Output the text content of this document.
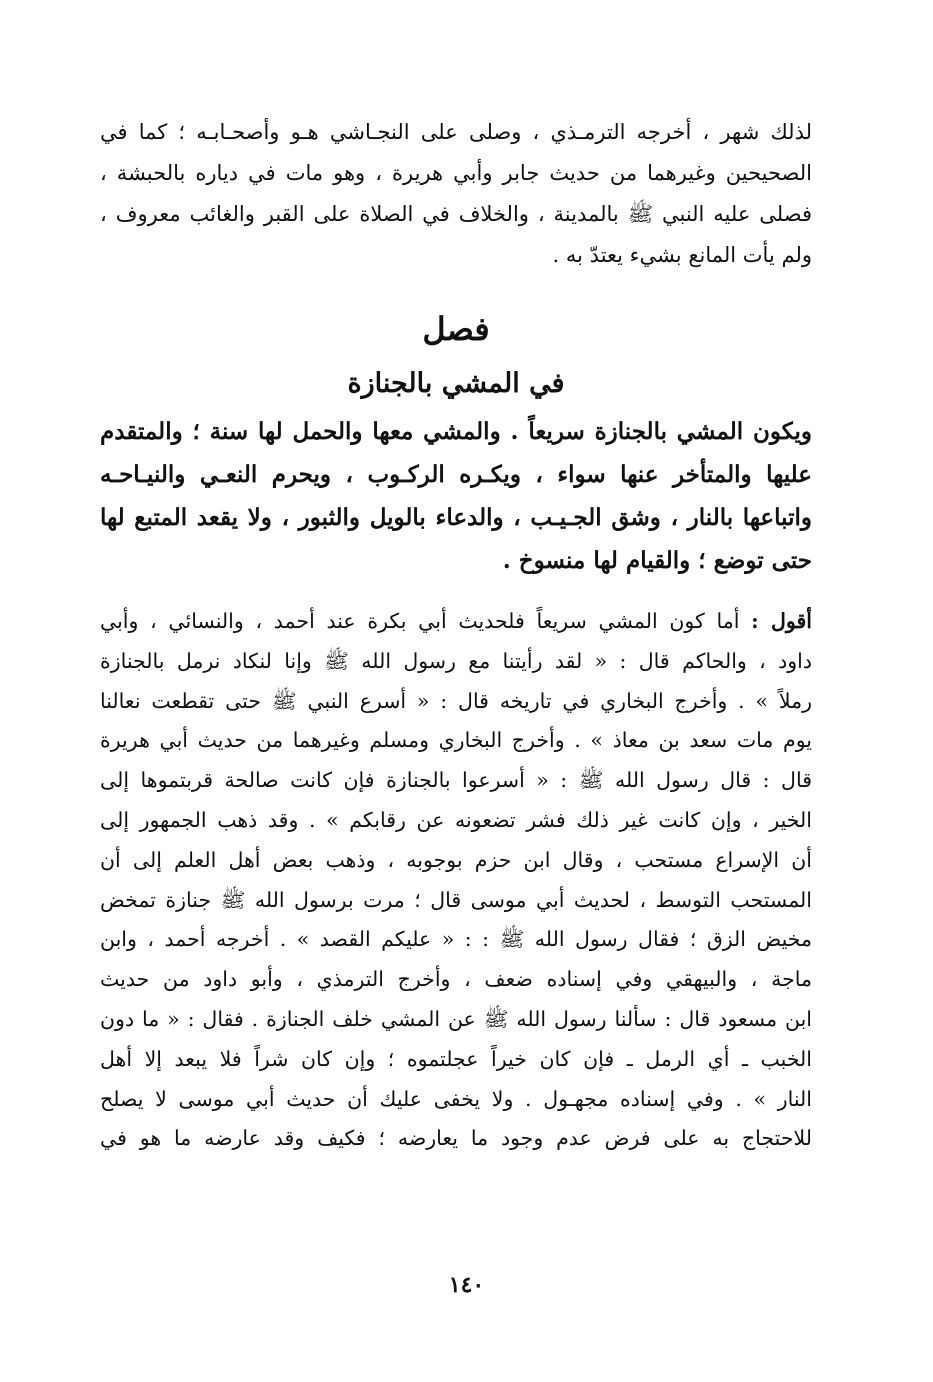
لذلك شهر ، أخرجه الترمـذي ، وصلى على النجـاشي هـو وأصحـابـه ؛ كما في
الصحيحين وغيرهما من حديث جابر وأبي هريرة ، وهو مات في دياره بالحبشة ،
فصلى عليه النبي ﷺ بالمدينة ، والخلاف في الصلاة على القبر والغائب معروف ،
ولم يأت المانع بشيء يعتدّ به .
فصل
في المشي بالجنازة
ويكون المشي بالجنازة سريعاً . والمشي معها والحمل لها سنة ؛ والمتقدم
عليها والمتأخر عنها سواء ، ويكـره الركـوب ، ويحرم النعـي والنيـاحـه
واتباعها بالنار ، وشق الجـيـب ، والدعاء بالويل والثبور ، ولا يقعد المتبع لها
حتى توضع ؛ والقيام لها منسوخ .
أقول : أما كون المشي سريعاً فلحديث أبي بكرة عند أحمد ، والنسائي ، وأبي
داود ، والحاكم قال : « لقد رأيتنا مع رسول الله ﷺ وإنا لنكاد نرمل بالجنازة
رملاً » . وأخرج البخاري في تاريخه قال : « أسرع النبي ﷺ حتى تقطعت نعالنا
يوم مات سعد بن معاذ » . وأخرج البخاري ومسلم وغيرهما من حديث أبي هريرة
قال : قال رسول الله ﷺ : « أسرعوا بالجنازة فإن كانت صالحة قربتموها إلى
الخير ، وإن كانت غير ذلك فشر تضعونه عن رقابكم » . وقد ذهب الجمهور إلى
أن الإسراع مستحب ، وقال ابن حزم بوجوبه ، وذهب بعض أهل العلم إلى أن
المستحب التوسط ، لحديث أبي موسى قال ؛ مرت برسول الله ﷺ جنازة تمخض
مخيض الزق ؛ فقال رسول الله ﷺ : : « عليكم القصد » . أخرجه أحمد ، وابن
ماجة ، والبيهقي وفي إسناده ضعف ، وأخرج الترمذي ، وأبو داود من حديث
ابن مسعود قال : سألنا رسول الله ﷺ عن المشي خلف الجنازة . فقال : « ما دون
الخبب ـ أي الرمل ـ فإن كان خيراً عجلتموه ؛ وإن كان شراً فلا يبعد إلا أهل
النار » . وفي إسناده مجهـول . ولا يخفى عليك أن حديث أبي موسى لا يصلح
للاحتجاج به على فرض عدم وجود ما يعارضه ؛ فكيف وقد عارضه ما هو في
١٤٠
